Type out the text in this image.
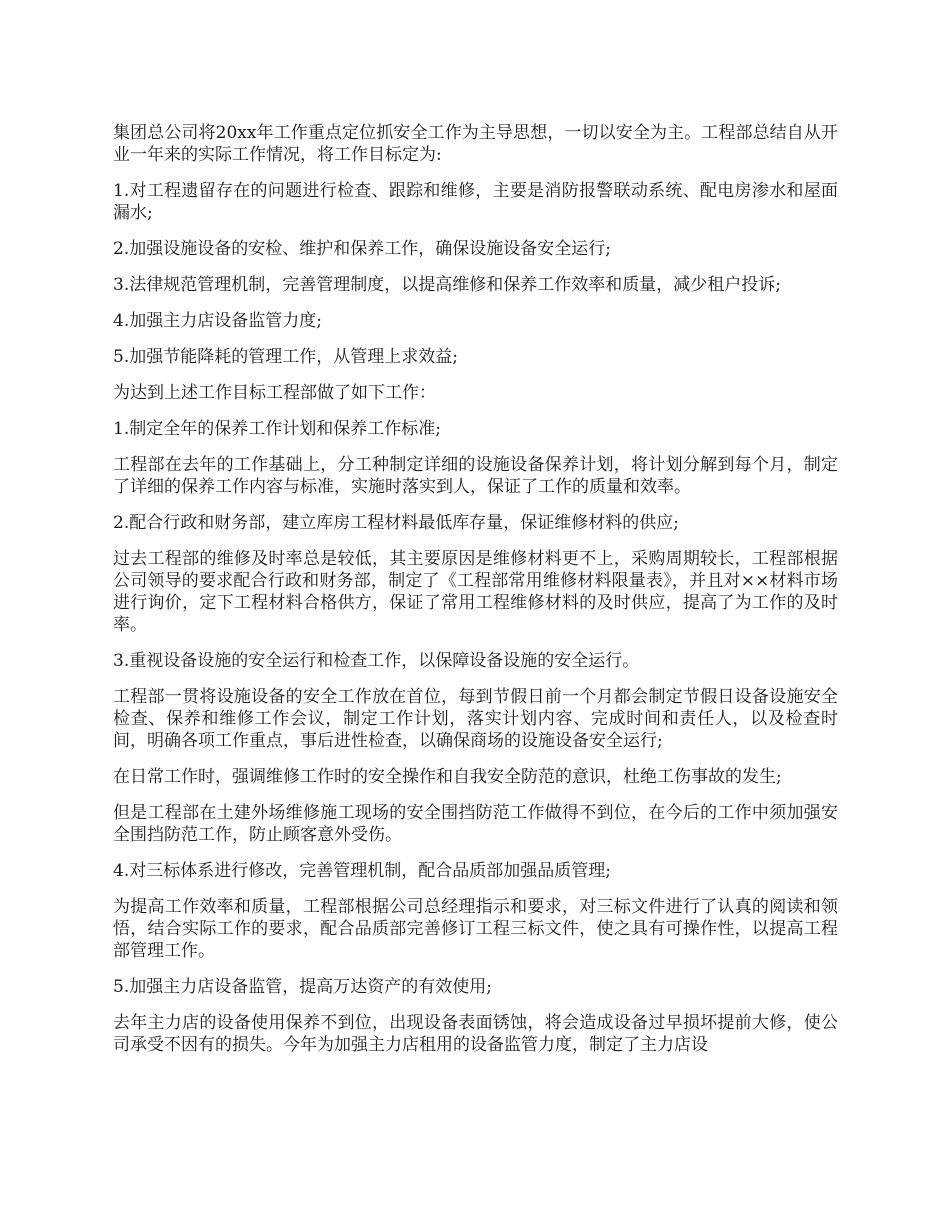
集团总公司将20xx年工作重点定位抓安全工作为主导思想，一切以安全为主。工程部总结自从开业一年来的实际工作情况，将工作目标定为:

1.对工程遗留存在的问题进行检查、跟踪和维修，主要是消防报警联动系统、配电房渗水和屋面漏水;

2.加强设施设备的安检、维护和保养工作，确保设施设备安全运行;

3.法律规范管理机制，完善管理制度，以提高维修和保养工作效率和质量，减少租户投诉;

4.加强主力店设备监管力度;

5.加强节能降耗的管理工作，从管理上求效益;

为达到上述工作目标工程部做了如下工作：

1.制定全年的保养工作计划和保养工作标准;

工程部在去年的工作基础上，分工种制定详细的设施设备保养计划，将计划分解到每个月，制定了详细的保养工作内容与标准，实施时落实到人，保证了工作的质量和效率。

2.配合行政和财务部，建立库房工程材料最低库存量，保证维修材料的供应;

过去工程部的维修及时率总是较低，其主要原因是维修材料更不上，采购周期较长，工程部根据公司领导的要求配合行政和财务部，制定了《工程部常用维修材料限量表》，并且对××材料市场进行询价，定下工程材料合格供方，保证了常用工程维修材料的及时供应，提高了为工作的及时率。

3.重视设备设施的安全运行和检查工作，以保障设备设施的安全运行。

工程部一贯将设施设备的安全工作放在首位，每到节假日前一个月都会制定节假日设备设施安全检查、保养和维修工作会议，制定工作计划，落实计划内容、完成时间和责任人，以及检查时间，明确各项工作重点，事后进性检查，以确保商场的设施设备安全运行;

在日常工作时，强调维修工作时的安全操作和自我安全防范的意识，杜绝工伤事故的发生;

但是工程部在土建外场维修施工现场的安全围挡防范工作做得不到位，在今后的工作中须加强安全围挡防范工作，防止顾客意外受伤。

4.对三标体系进行修改，完善管理机制，配合品质部加强品质管理;

为提高工作效率和质量，工程部根据公司总经理指示和要求，对三标文件进行了认真的阅读和领悟，结合实际工作的要求，配合品质部完善修订工程三标文件，使之具有可操作性，以提高工程部管理工作。

5.加强主力店设备监管，提高万达资产的有效使用;

去年主力店的设备使用保养不到位，出现设备表面锈蚀，将会造成设备过早损坏提前大修，使公司承受不因有的损失。今年为加强主力店租用的设备监管力度，制定了主力店设
